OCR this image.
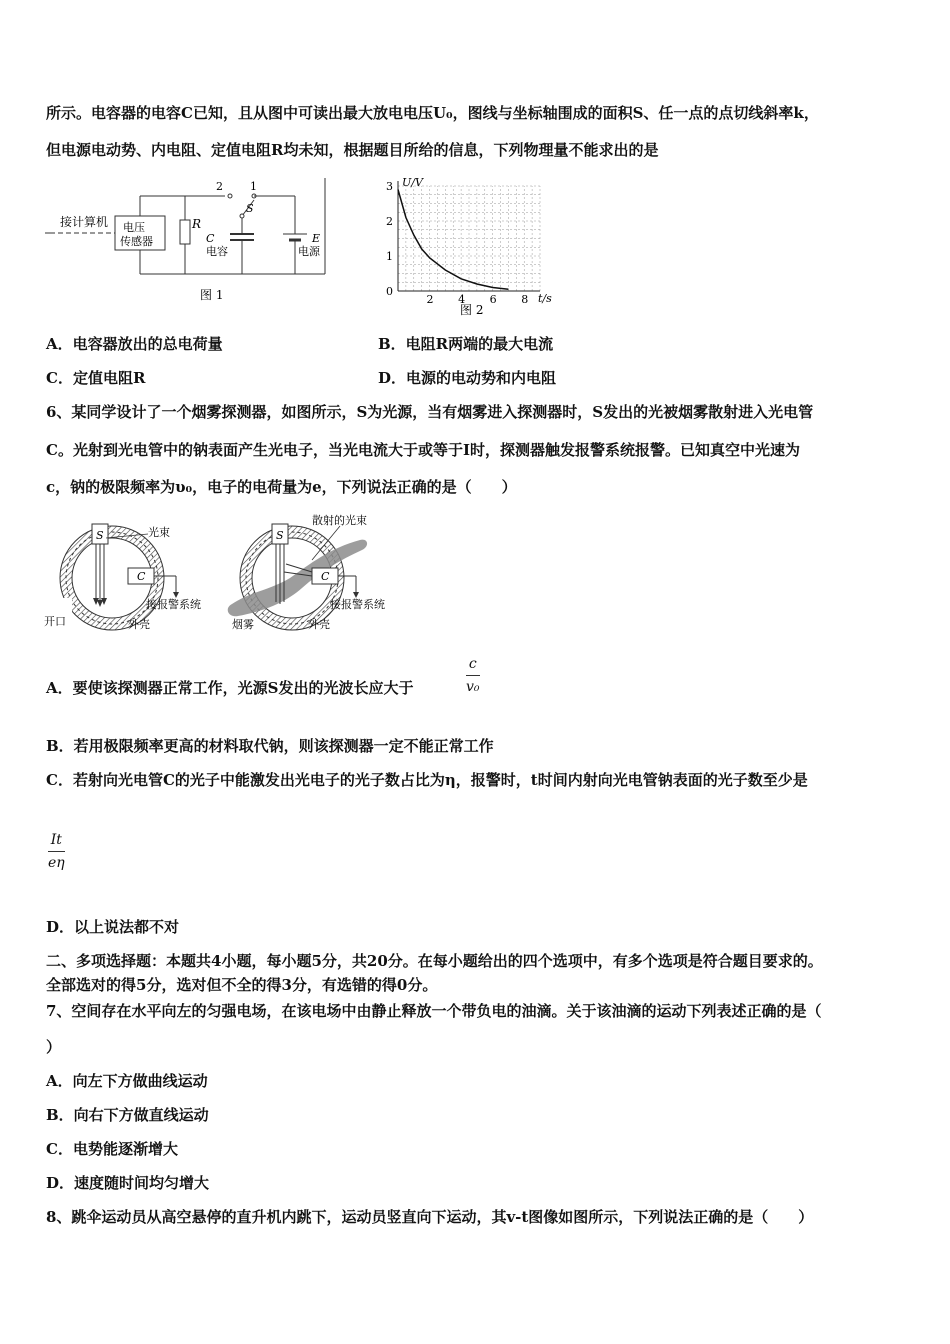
所示。电容器的电容C已知，且从图中可读出最大放电电压U₀，图线与坐标轴围成的面积S、任一点的点切线斜率k，
但电源电动势、内电阻、定值电阻R均未知，根据题目所给的信息，下列物理量不能求出的是
接计算机 电压
传感器
R
2 1
S
C
电容
E
电源
图 1
U/V
t/s
3
2
1
0
2 4 6 8
图 2
A．电容器放出的总电荷量	B．电阻R两端的最大电流
C．定值电阻R	D．电源的电动势和内电阻
6、某同学设计了一个烟雾探测器，如图所示，S为光源，当有烟雾进入探测器时，S发出的光被烟雾散射进入光电管
C。光射到光电管中的钠表面产生光电子，当光电流大于或等于I时，探测器触发报警系统报警。已知真空中光速为
c，钠的极限频率为υ₀，电子的电荷量为e，下列说法正确的是（　　）
S
C
光束
接报警系统
开口	外壳
S
C
散射的光束
接报警系统
烟雾	外壳
A．要使该探测器正常工作，光源S发出的光波长应大于	$\frac{c}{\text{v₀}}$
B．若用极限频率更高的材料取代钠，则该探测器一定不能正常工作
C．若射向光电管C的光子中能激发出光电子的光子数占比为η，报警时，t时间内射向光电管钠表面的光子数至少是
$\frac{It}{e\eta}$
D．以上说法都不对
二、多项选择题：本题共4小题，每小题5分，共20分。在每小题给出的四个选项中，有多个选项是符合题目要求的。
全部选对的得5分，选对但不全的得3分，有选错的得0分。
7、空间存在水平向左的匀强电场，在该电场中由静止释放一个带负电的油滴。关于该油滴的运动下列表述正确的是（
）
A．向左下方做曲线运动
B．向右下方做直线运动
C．电势能逐渐增大
D．速度随时间均匀增大
8、跳伞运动员从高空悬停的直升机内跳下，运动员竖直向下运动，其v-t图像如图所示，下列说法正确的是（　　）
